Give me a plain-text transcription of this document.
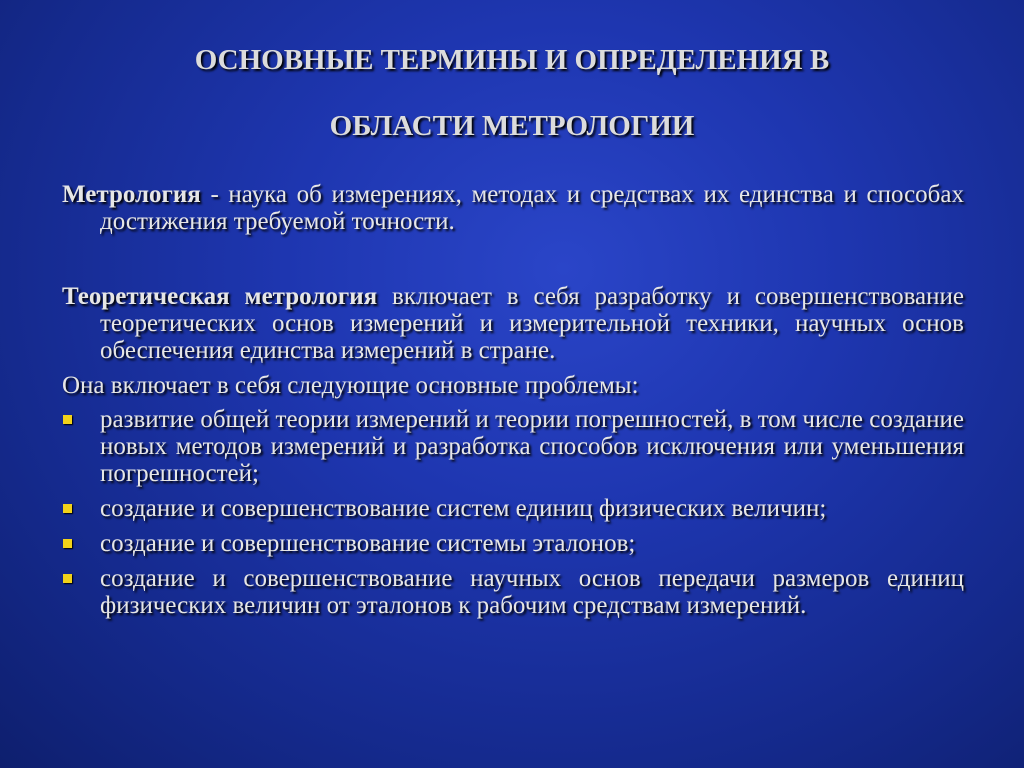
ОСНОВНЫЕ ТЕРМИНЫ И ОПРЕДЕЛЕНИЯ В
ОБЛАСТИ МЕТРОЛОГИИ

Метрология - наука об измерениях, методах и средствах их единства и способах достижения требуемой точности.

Теоретическая метрология включает в себя разработку и совершенствование теоретических основ измерений и измерительной техники, научных основ обеспечения единства измерений в стране.

Она включает в себя следующие основные проблемы:

развитие общей теории измерений и теории погрешностей, в том числе создание новых методов измерений и разработка способов исключения или уменьшения погрешностей;
создание и совершенствование систем единиц физических величин;
создание и совершенствование системы эталонов;
создание и совершенствование научных основ передачи размеров единиц физических величин от эталонов к рабочим средствам измерений.
